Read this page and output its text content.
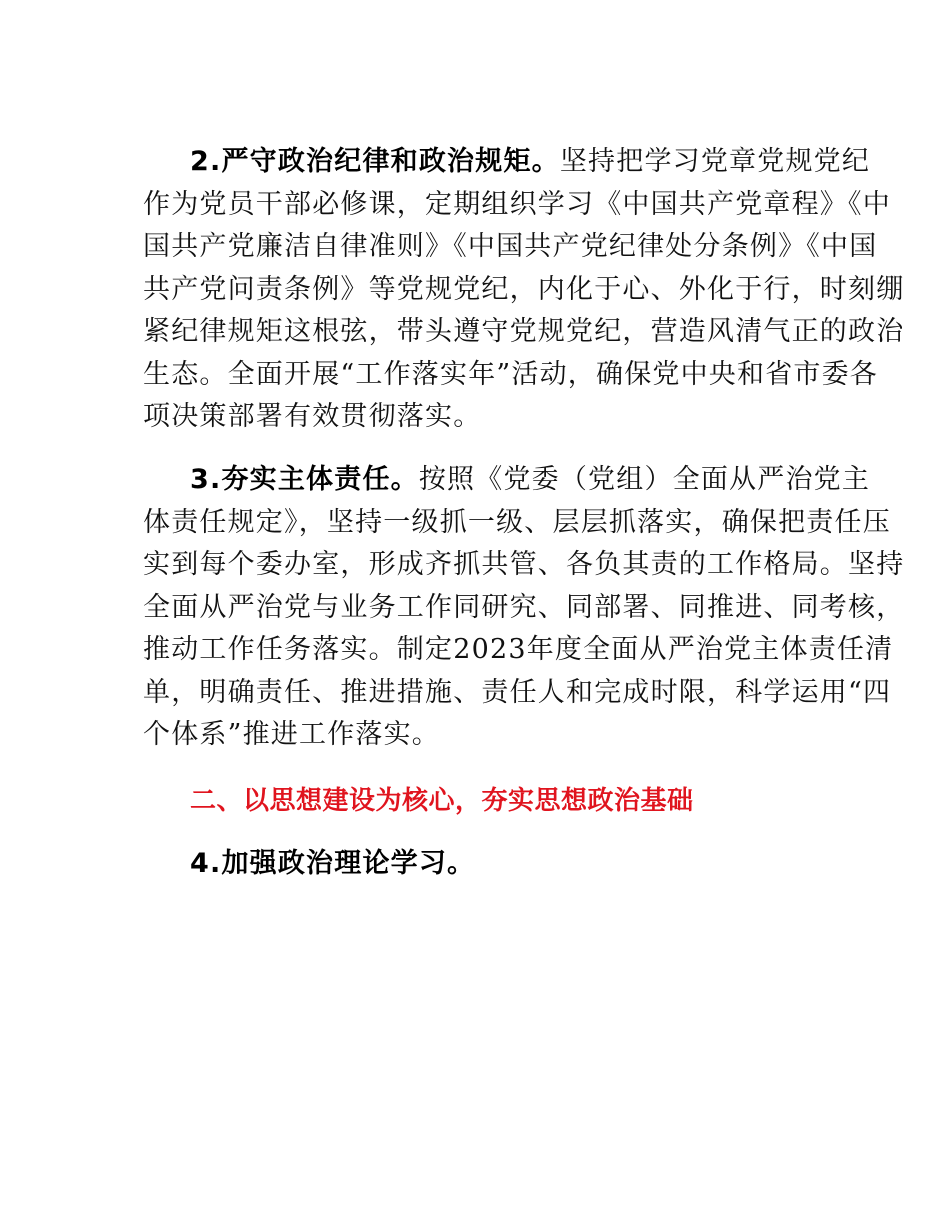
2.严守政治纪律和政治规矩。坚持把学习党章党规党纪
作为党员干部必修课，定期组织学习《中国共产党章程》《中
国共产党廉洁自律准则》《中国共产党纪律处分条例》《中国
共产党问责条例》等党规党纪，内化于心、外化于行，时刻绷
紧纪律规矩这根弦，带头遵守党规党纪，营造风清气正的政治
生态。全面开展“工作落实年”活动，确保党中央和省市委各
项决策部署有效贯彻落实。
3.夯实主体责任。按照《党委（党组）全面从严治党主
体责任规定》，坚持一级抓一级、层层抓落实，确保把责任压
实到每个委办室，形成齐抓共管、各负其责的工作格局。坚持
全面从严治党与业务工作同研究、同部署、同推进、同考核，
推动工作任务落实。制定2023年度全面从严治党主体责任清
单，明确责任、推进措施、责任人和完成时限，科学运用“四
个体系”推进工作落实。
二、以思想建设为核心，夯实思想政治基础
4.加强政治理论学习。
